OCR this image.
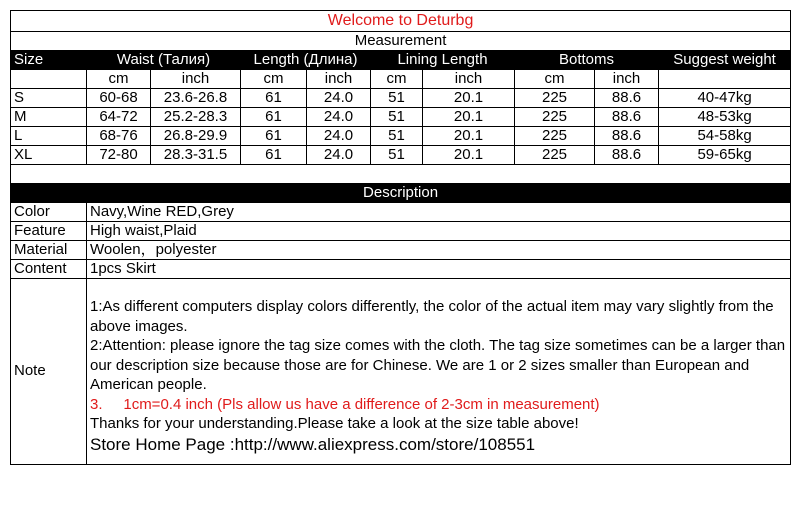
Welcome to Deturbg									
Measurement									
Size	Waist (Талия)		Length (Длина)		Lining Length		Bottoms		Suggest weight
	cm	inch	cm	inch	cm	inch	cm	inch	
S	60-68	23.6-26.8	61	24.0	51	20.1	225	88.6	40-47kg
M	64-72	25.2-28.3	61	24.0	51	20.1	225	88.6	48-53kg
L	68-76	26.8-29.9	61	24.0	51	20.1	225	88.6	54-58kg
XL	72-80	28.3-31.5	61	24.0	51	20.1	225	88.6	59-65kg

Description									
Color	Navy,Wine RED,Grey
Feature	High waist,Plaid
Material	Woolen，polyester
Content	1pcs Skirt
Note	1:As different computers display colors differently, the color of the actual item may vary slightly from the above images.

2:Attention: please ignore the tag size comes with the cloth. The tag size sometimes can be a larger than our description size because those are for Chinese. We are 1 or 2 sizes smaller than European and American people.

3.     1cm=0.4 inch (Pls allow us have a difference of 2-3cm in measurement)

Thanks for your understanding.Please take a look at the size table above!

Store Home Page :http://www.aliexpress.com/store/108551
